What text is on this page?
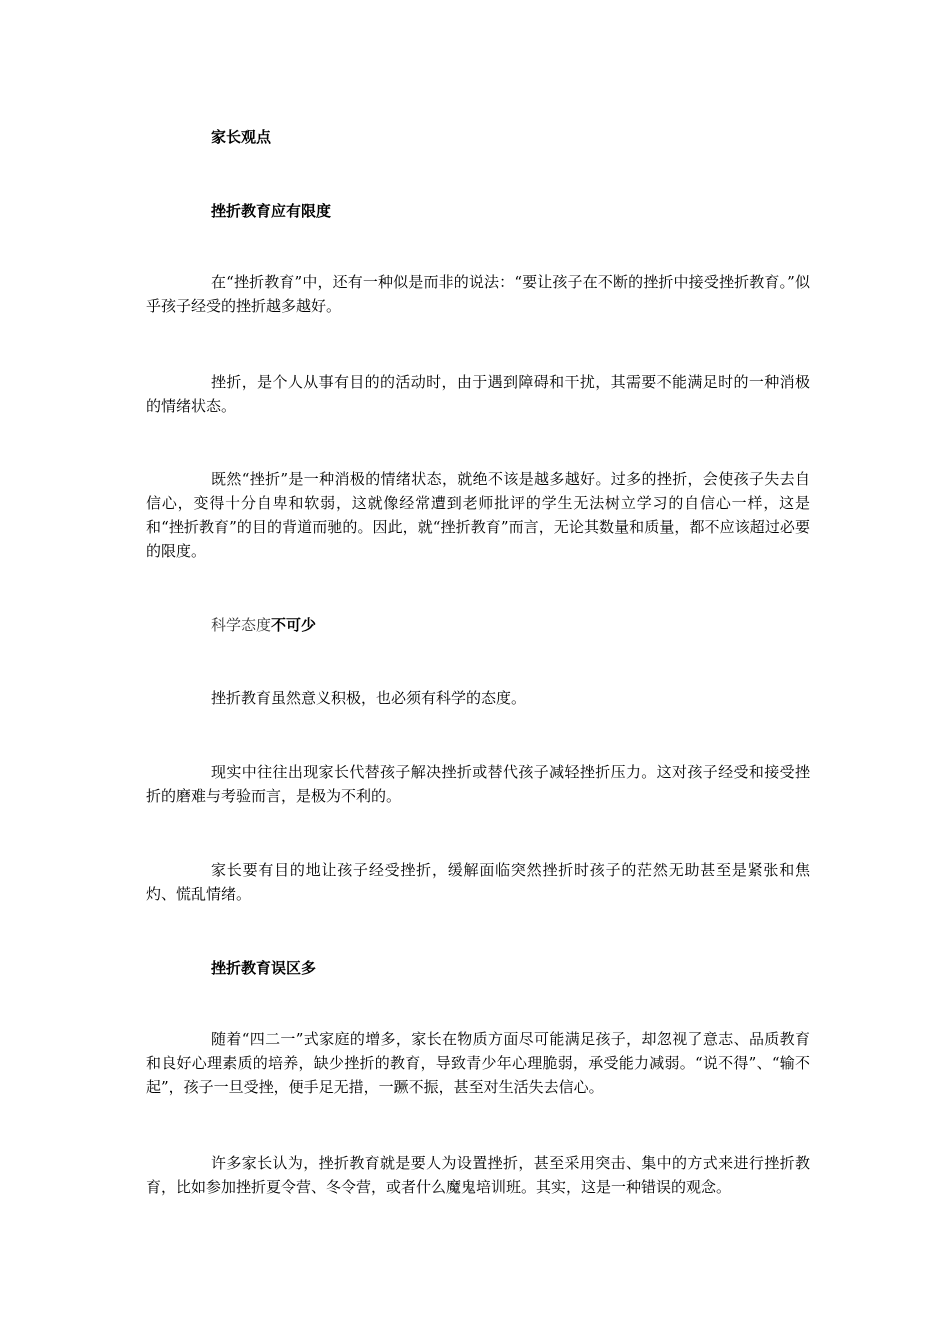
家长观点

挫折教育应有限度

在“挫折教育”中，还有一种似是而非的说法：“要让孩子在不断的挫折中接受挫折教育。”似乎孩子经受的挫折越多越好。

挫折，是个人从事有目的的活动时，由于遇到障碍和干扰，其需要不能满足时的一种消极的情绪状态。

既然“挫折”是一种消极的情绪状态，就绝不该是越多越好。过多的挫折，会使孩子失去自信心，变得十分自卑和软弱，这就像经常遭到老师批评的学生无法树立学习的自信心一样，这是和“挫折教育”的目的背道而驰的。因此，就“挫折教育”而言，无论其数量和质量，都不应该超过必要的限度。

科学态度不可少

挫折教育虽然意义积极，也必须有科学的态度。

现实中往往出现家长代替孩子解决挫折或替代孩子减轻挫折压力。这对孩子经受和接受挫折的磨难与考验而言，是极为不利的。

家长要有目的地让孩子经受挫折，缓解面临突然挫折时孩子的茫然无助甚至是紧张和焦灼、慌乱情绪。

挫折教育误区多

随着“四二一”式家庭的增多，家长在物质方面尽可能满足孩子，却忽视了意志、品质教育和良好心理素质的培养，缺少挫折的教育，导致青少年心理脆弱，承受能力减弱。“说不得”、“输不起”，孩子一旦受挫，便手足无措，一蹶不振，甚至对生活失去信心。

许多家长认为，挫折教育就是要人为设置挫折，甚至采用突击、集中的方式来进行挫折教育，比如参加挫折夏令营、冬令营，或者什么魔鬼培训班。其实，这是一种错误的观念。
